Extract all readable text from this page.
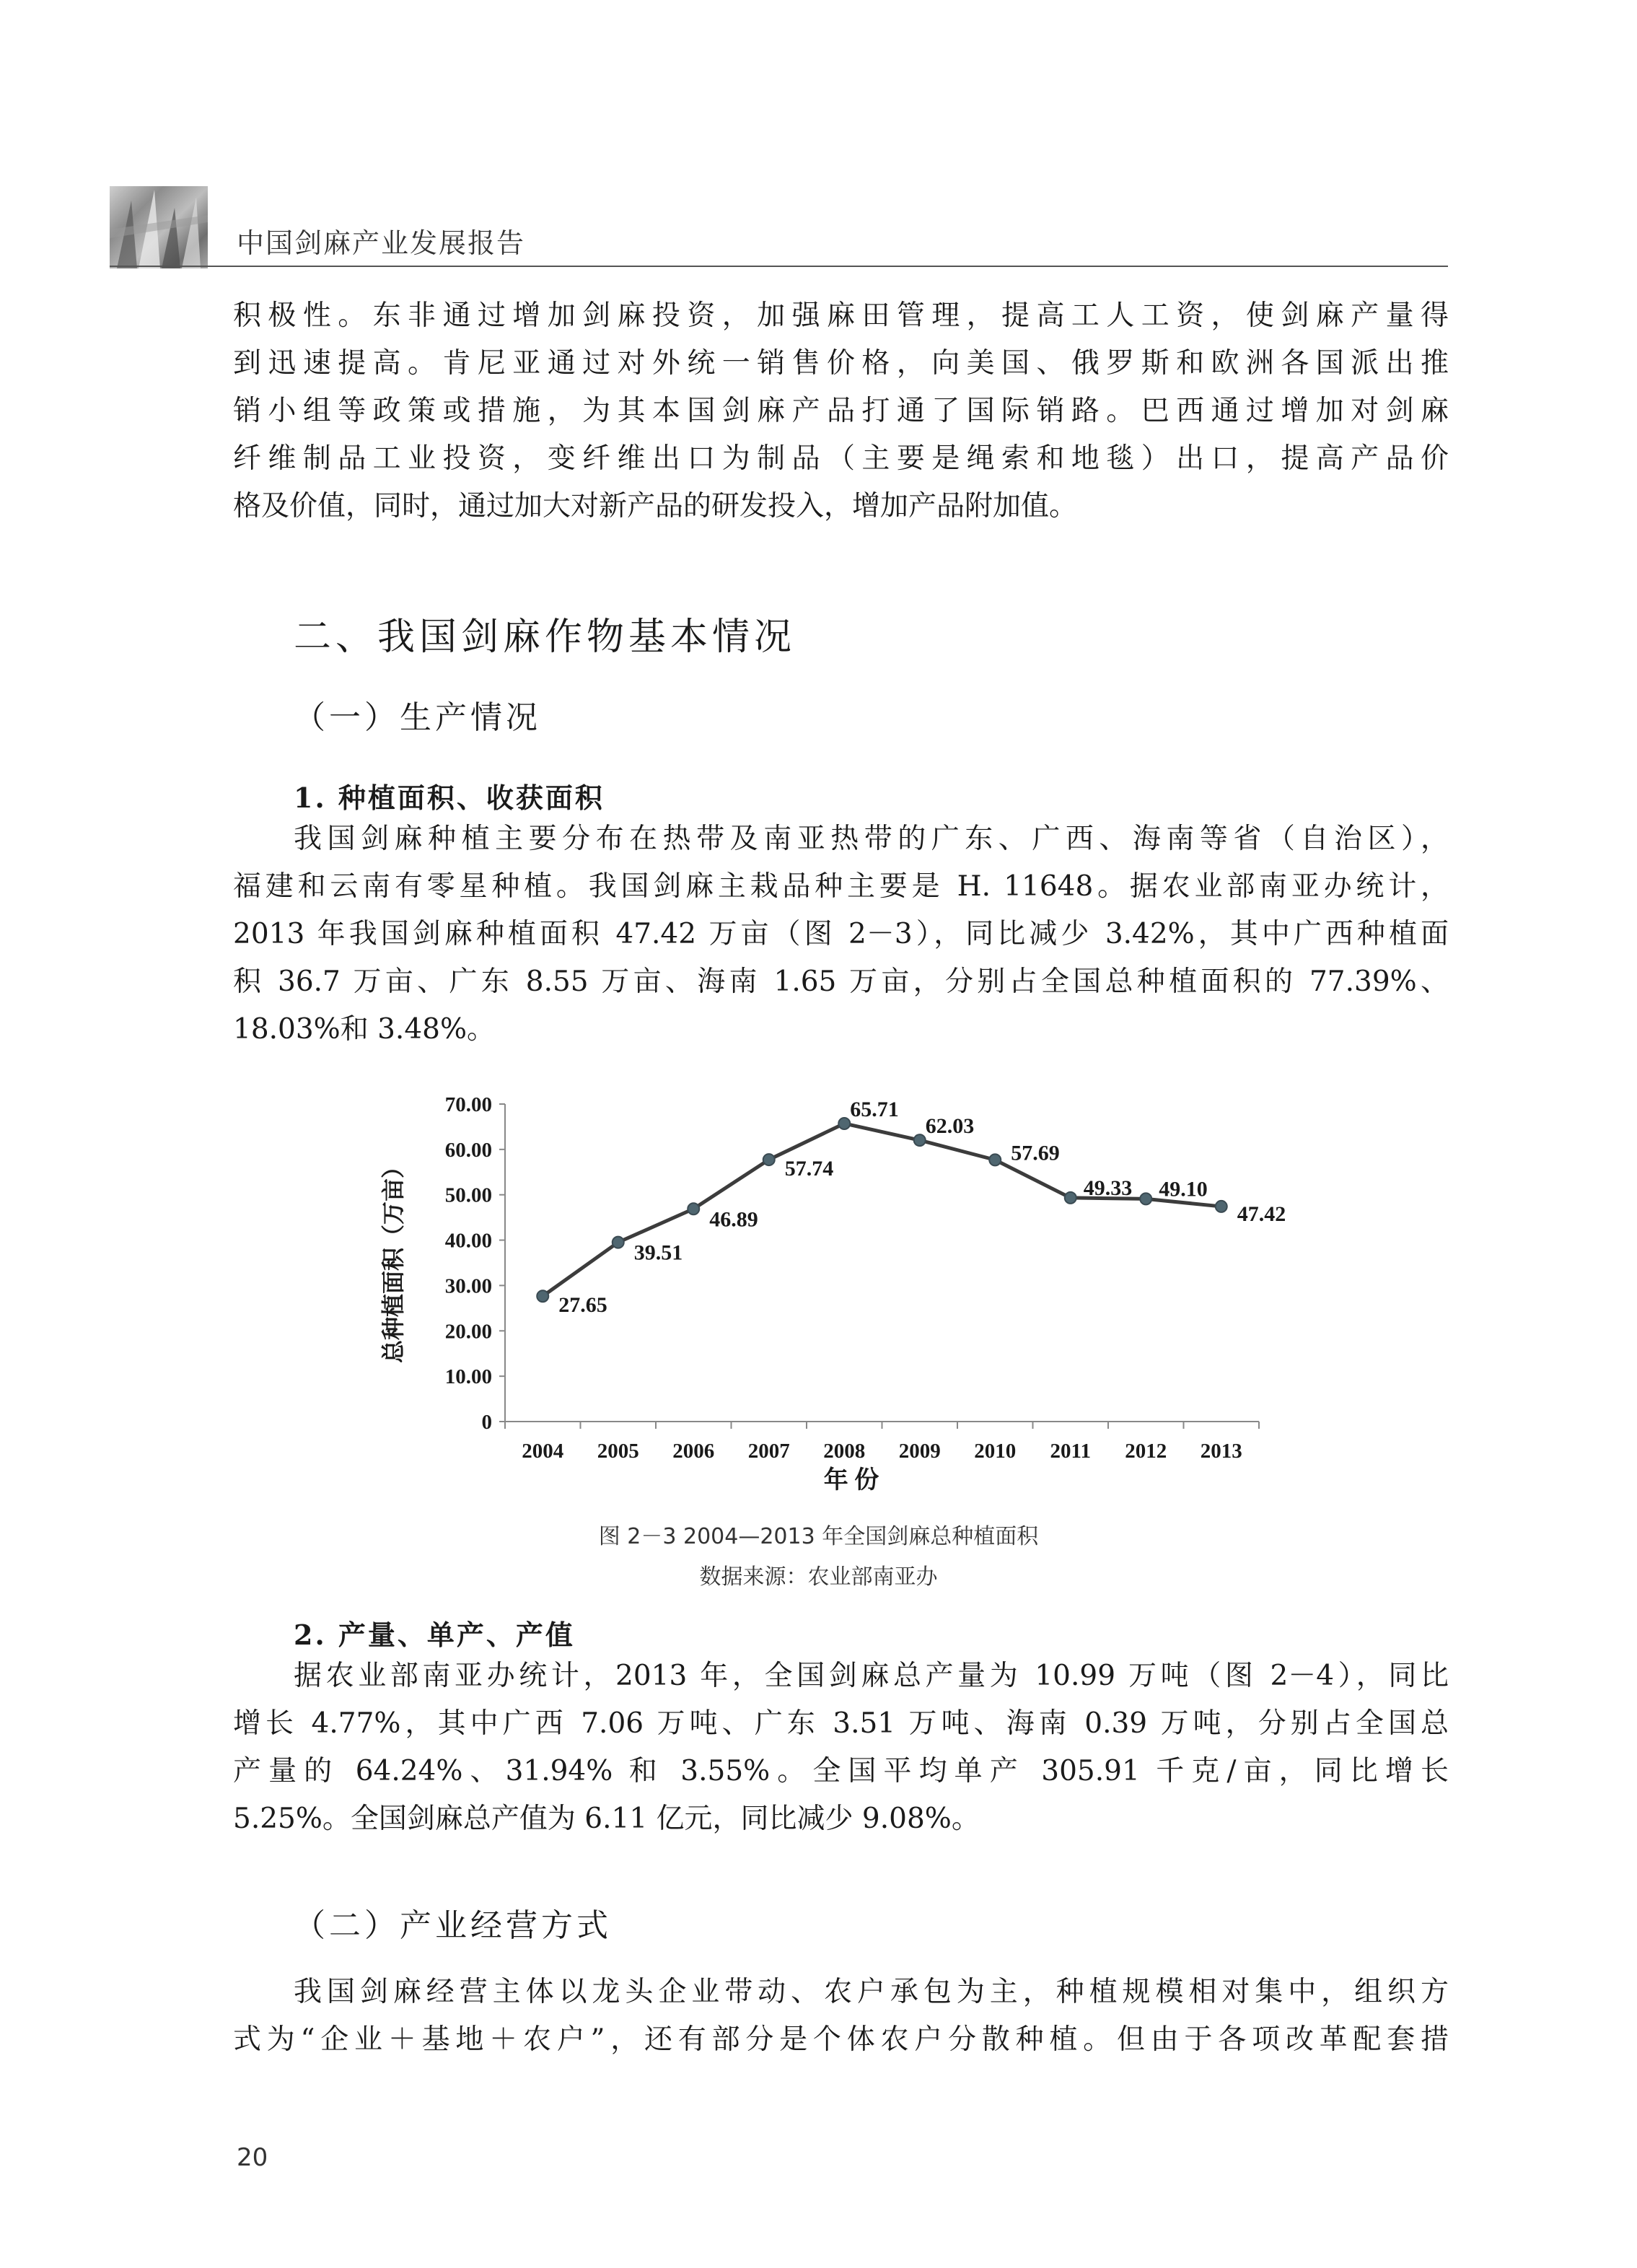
中国剑麻产业发展报告
积极性。东非通过增加剑麻投资，加强麻田管理，提高工人工资，使剑麻产量得
到迅速提高。肯尼亚通过对外统一销售价格，向美国、俄罗斯和欧洲各国派出推
销小组等政策或措施，为其本国剑麻产品打通了国际销路。巴西通过增加对剑麻
纤维制品工业投资，变纤维出口为制品（主要是绳索和地毯）出口，提高产品价
格及价值，同时，通过加大对新产品的研发投入，增加产品附加值。
二、我国剑麻作物基本情况
（一）生产情况
1. 种植面积、收获面积
我国剑麻种植主要分布在热带及南亚热带的广东、广西、海南等省（自治区），
福建和云南有零星种植。我国剑麻主栽品种主要是 H. 11648。据农业部南亚办统计，
2013 年我国剑麻种植面积 47.42 万亩（图 2－3），同比减少 3.42%，其中广西种植面
积 36.7 万亩、广东 8.55 万亩、海南 1.65 万亩，分别占全国总种植面积的 77.39%、
18.03%和 3.48%。
0
10.00
20.00
30.00
40.00
50.00
60.00
70.00
2004 2005 2006 2007 2008 2009 2010 2011 2012 2013
27.65
39.51
46.89
57.74
65.71
62.03
57.69
49.33 49.10
47.42
总种植面积（万亩）
年 份
图 2－3 2004—2013 年全国剑麻总种植面积
数据来源：农业部南亚办
2. 产量、单产、产值
据农业部南亚办统计，2013 年，全国剑麻总产量为 10.99 万吨（图 2－4），同比
增长 4.77%，其中广西 7.06 万吨、广东 3.51 万吨、海南 0.39 万吨，分别占全国总
产量的 64.24%、31.94% 和 3.55%。全国平均单产 305.91 千克/亩，同比增长
5.25%。全国剑麻总产值为 6.11 亿元，同比减少 9.08%。
（二）产业经营方式
我国剑麻经营主体以龙头企业带动、农户承包为主，种植规模相对集中，组织方
式为“企业＋基地＋农户”，还有部分是个体农户分散种植。但由于各项改革配套措
20
